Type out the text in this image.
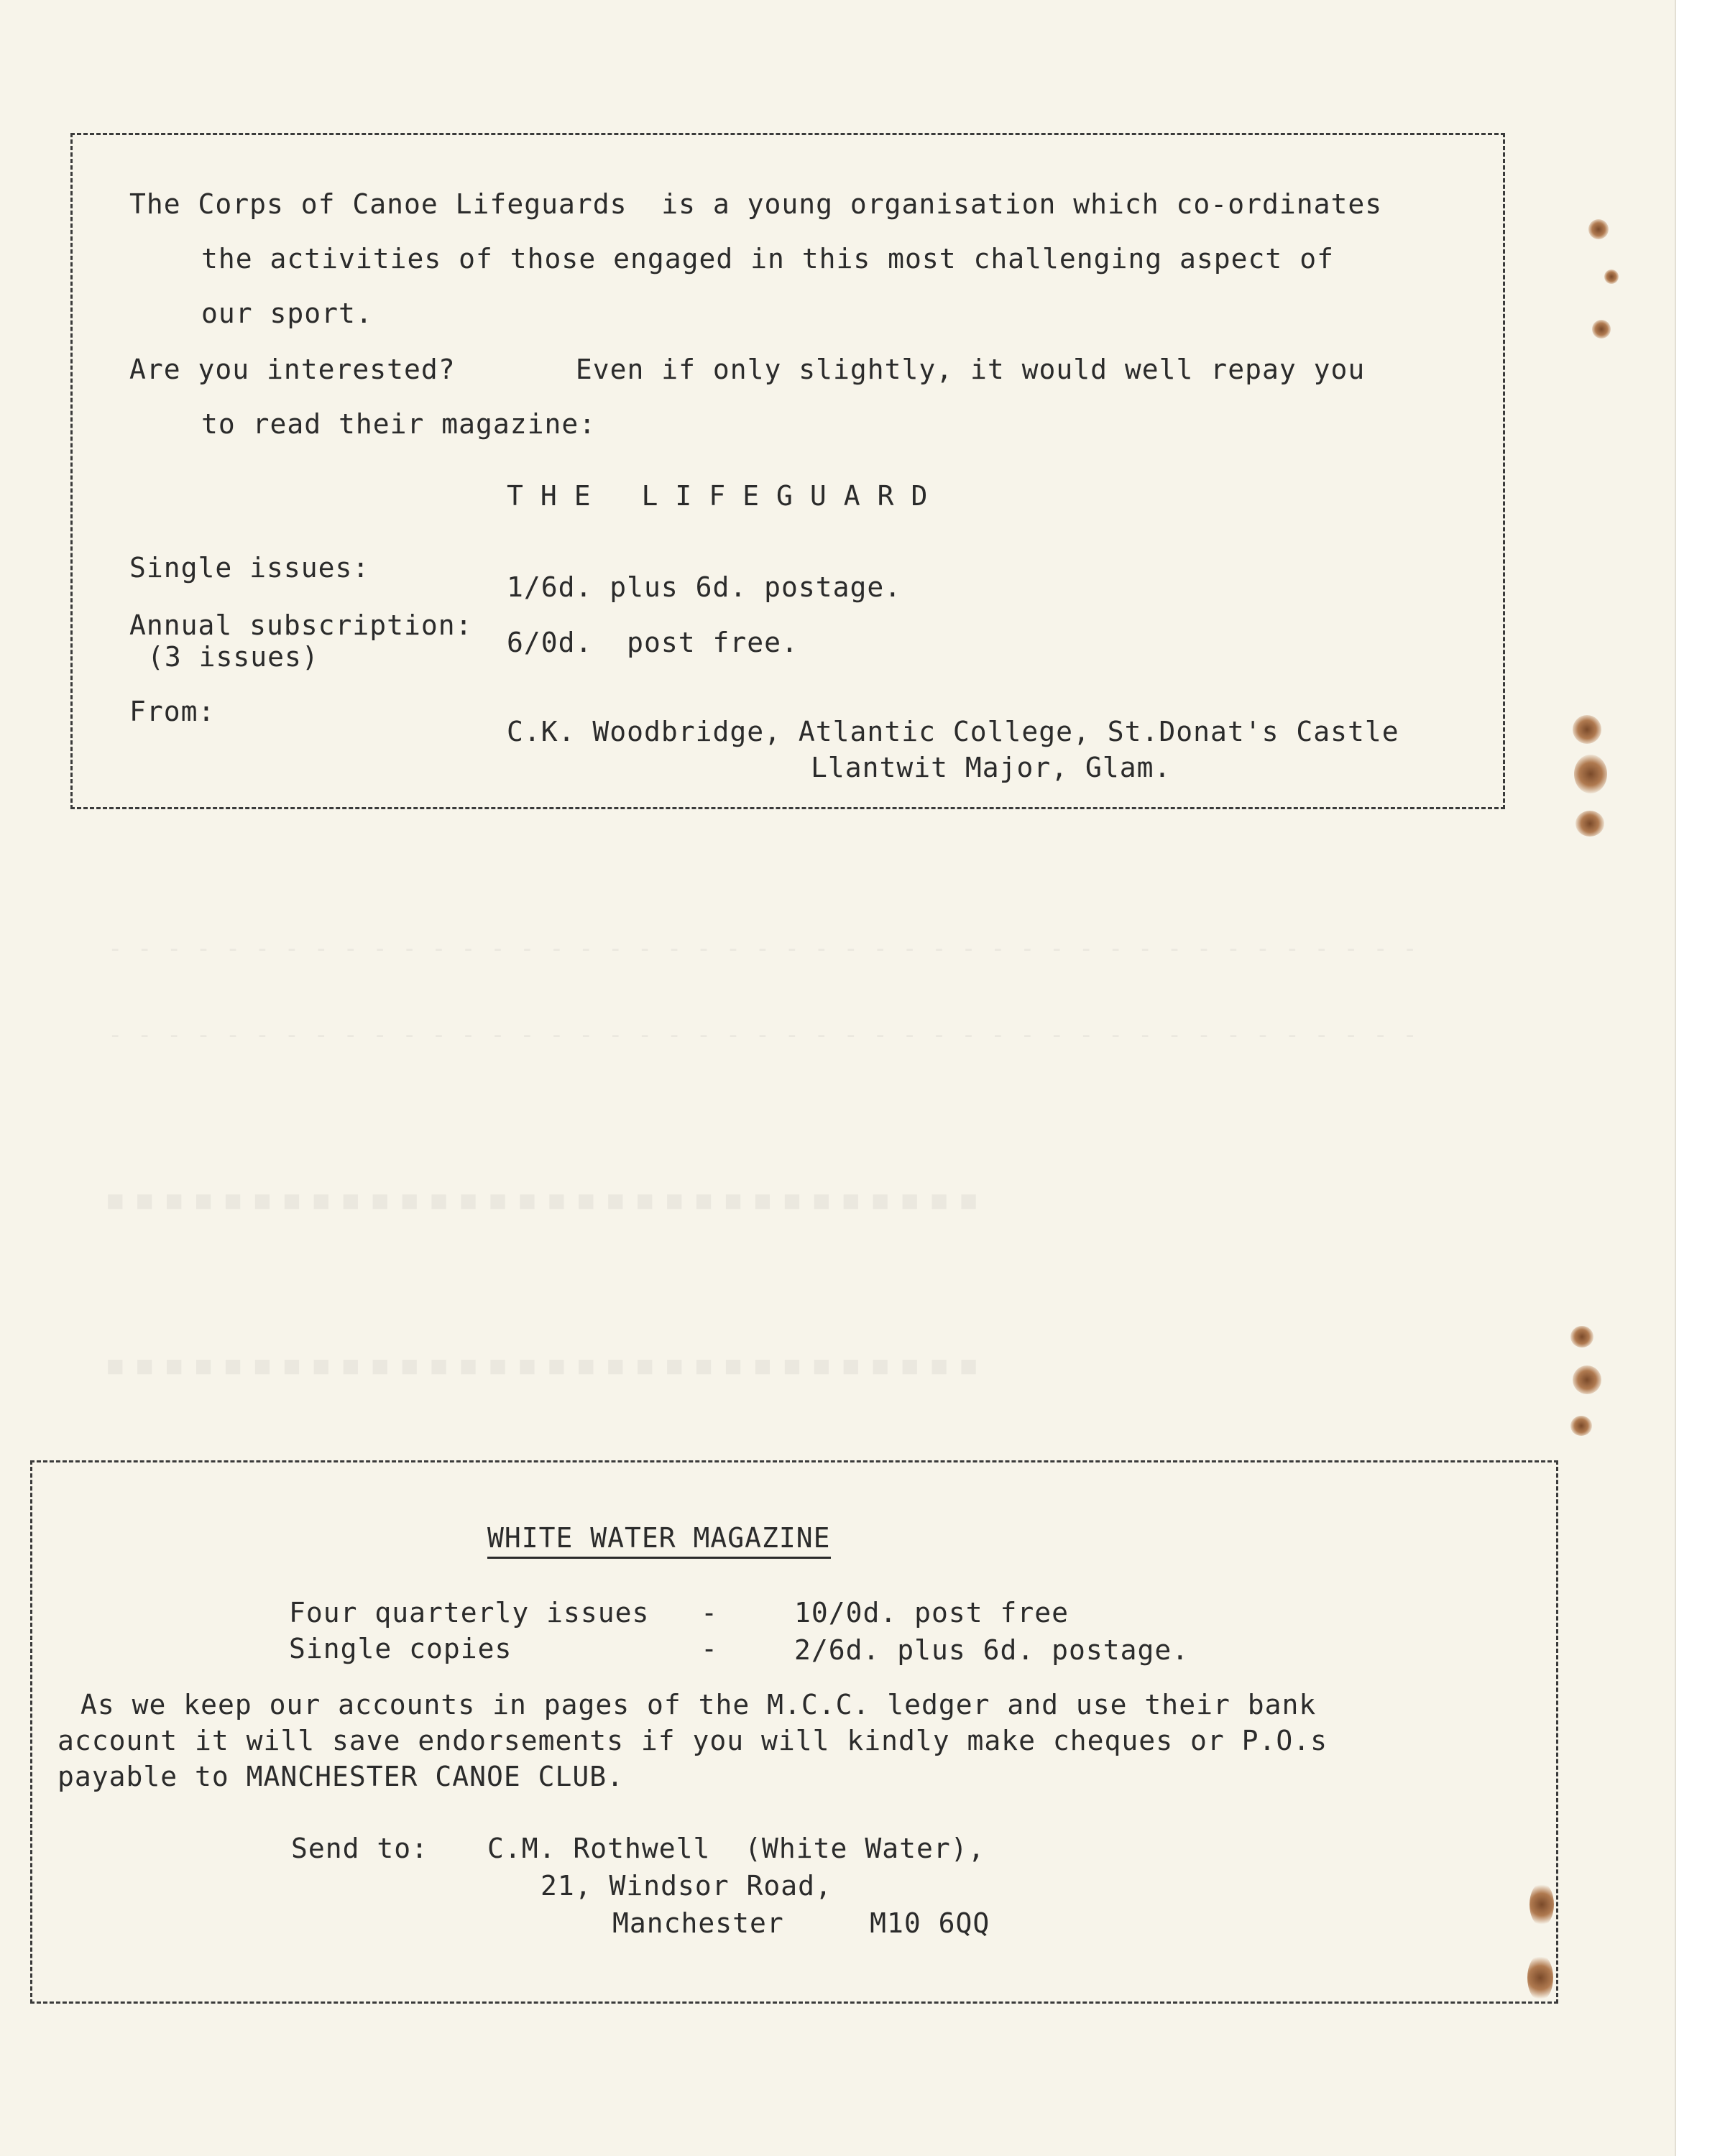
- - - - - - - - - - - - - - - - - - - - - - - - - - - - - - - - - - - - - - - - - - - - -
- - - - - - - - - - - - - - - - - - - - - - - - - - - - - - - - - - - - - - - - - - - - -
■ ■ ■ ■ ■ ■ ■ ■ ■ ■ ■ ■ ■ ■ ■ ■ ■ ■ ■ ■ ■ ■ ■ ■ ■ ■ ■ ■ ■ ■
■ ■ ■ ■ ■ ■ ■ ■ ■ ■ ■ ■ ■ ■ ■ ■ ■ ■ ■ ■ ■ ■ ■ ■ ■ ■ ■ ■ ■ ■
The Corps of Canoe Lifeguards  is a young organisation which co-ordinates
the activities of those engaged in this most challenging aspect of
our sport.
Are you interested?       Even if only slightly, it would well repay you
to read their magazine:
THE LIFEGUARD
Single issues:
1/6d. plus 6d. postage.
Annual subscription:
(3 issues)	6/0d.  post free.
From:
C.K. Woodbridge, Atlantic College, St.Donat's Castle
Llantwit Major, Glam.
WHITE WATER MAGAZINE
Four quarterly issues   -	10/0d. post free
Single copies           -	2/6d. plus 6d. postage.
As we keep our accounts in pages of the M.C.C. ledger and use their bank
account it will save endorsements if you will kindly make cheques or P.O.s
payable to MANCHESTER CANOE CLUB.
Send to: C.M. Rothwell  (White Water),
21, Windsor Road,
Manchester     M10 6QQ
